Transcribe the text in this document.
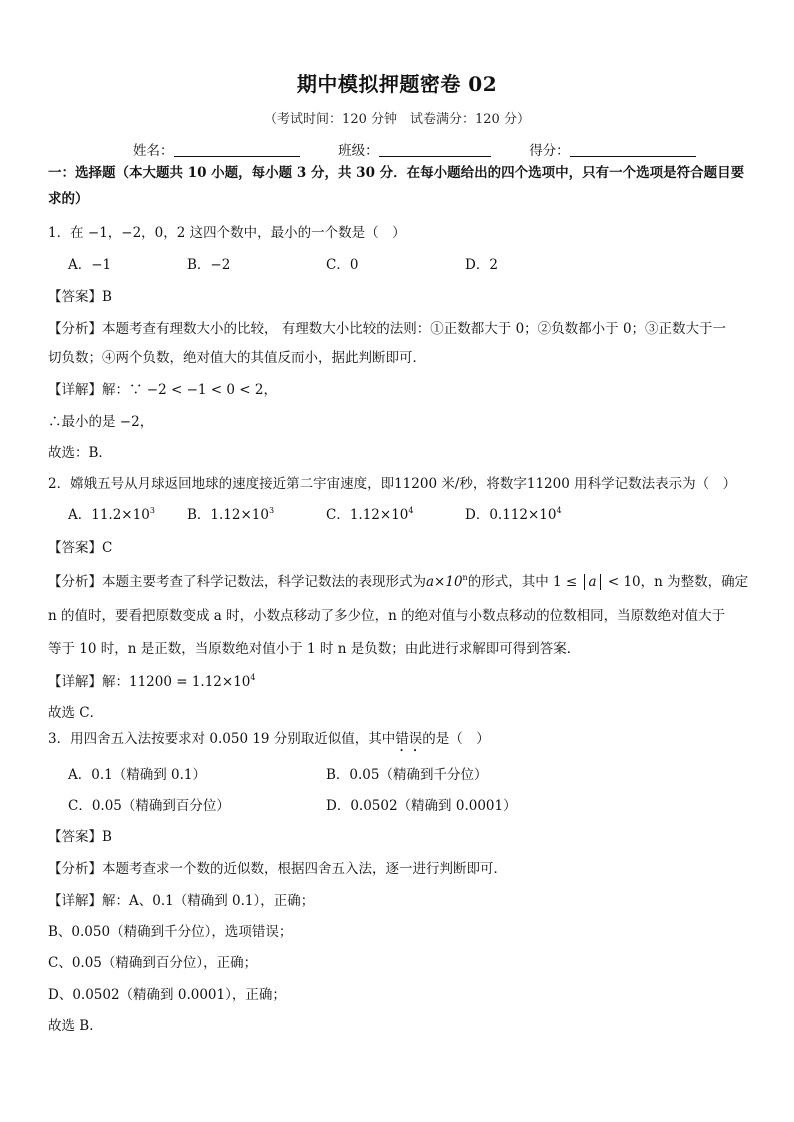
期中模拟押题密卷 02
（考试时间：120 分钟　试卷满分：120 分）
姓名：	班级：	得分：
一：选择题（本大题共 10 小题，每小题 3 分，共 30 分．在每小题给出的四个选项中，只有一个选项是符合题目要
求的）
1．在 −1，−2，0，2 这四个数中，最小的一个数是（　）
A．−1	B．−2	C．0	D．2
【答案】B
【分析】本题考查有理数大小的比较， 有理数大小比较的法则：①正数都大于 0；②负数都小于 0；③正数大于一
切负数；④两个负数，绝对值大的其值反而小，据此判断即可．
【详解】解：∵ −2 < −1 < 0 < 2，
∴最小的是 −2，
故选：B．
2．嫦娥五号从月球返回地球的速度接近第二宇宙速度，即11200 米/秒，将数字11200 用科学记数法表示为（　）
A．$11.2\times 10^3$ B．$1.12\times 10^3$	C．$1.12\times 10^4$	D．$0.112\times 10^4$
【答案】C
【分析】本题主要考查了科学记数法，科学记数法的表现形式为$a\times 10^n$的形式，其中 1 ≤ a < 10，n 为整数，确定
n 的值时，要看把原数变成 a 时，小数点移动了多少位，n 的绝对值与小数点移动的位数相同，当原数绝对值大于
等于 10 时，n 是正数，当原数绝对值小于 1 时 n 是负数；由此进行求解即可得到答案．
【详解】解：$11200 = 1.12\times 10^4$
故选 C．
3．用四舍五入法按要求对 0.050 19 分别取近似值，其中错误的是（　）
A．0.1（精确到 0.1）	B．0.05（精确到千分位）
C．0.05（精确到百分位）	D．0.0502（精确到 0.0001）
【答案】B
【分析】本题考查求一个数的近似数，根据四舍五入法，逐一进行判断即可．
【详解】解：A、0.1（精确到 0.1），正确；
B、0.050（精确到千分位），选项错误；
C、0.05（精确到百分位），正确；
D、0.0502（精确到 0.0001），正确；
故选 B．
